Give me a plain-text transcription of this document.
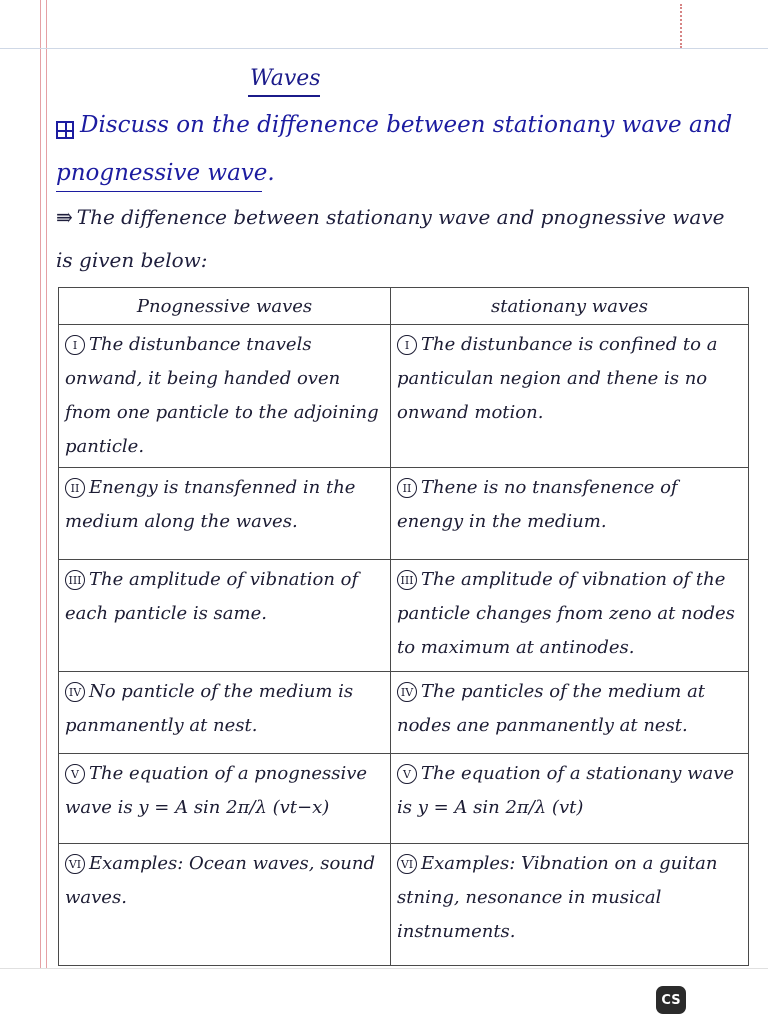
Waves
Discuss on the diffenence between stationany wave and
pnognessive wave.
⇛ The diffenence between stationany wave and pnognessive wave
is given below:
Pnognessive waves	stationany waves
I The distunbance tnavels onwand, it being handed oven fnom one panticle to the adjoining panticle.	I The distunbance is confined to a panticulan negion and thene is no onwand motion.
II Enengy is tnansfenned in the medium along the waves.	II Thene is no tnansfenence of enengy in the medium.
III The amplitude of vibnation of each panticle is same.	III The amplitude of vibnation of the panticle changes fnom zeno at nodes to maximum at antinodes.
IV No panticle of the medium is panmanently at nest.	IV The panticles of the medium at nodes ane panmanently at nest.
V The equation of a pnognessive wave is y = A sin 2π/λ (vt−x)	V The equation of a stationany wave is y = A sin 2π/λ (vt)
VI Examples: Ocean waves, sound waves.	VI Examples: Vibnation on a guitan stning, nesonance in musical instnuments.
CS
